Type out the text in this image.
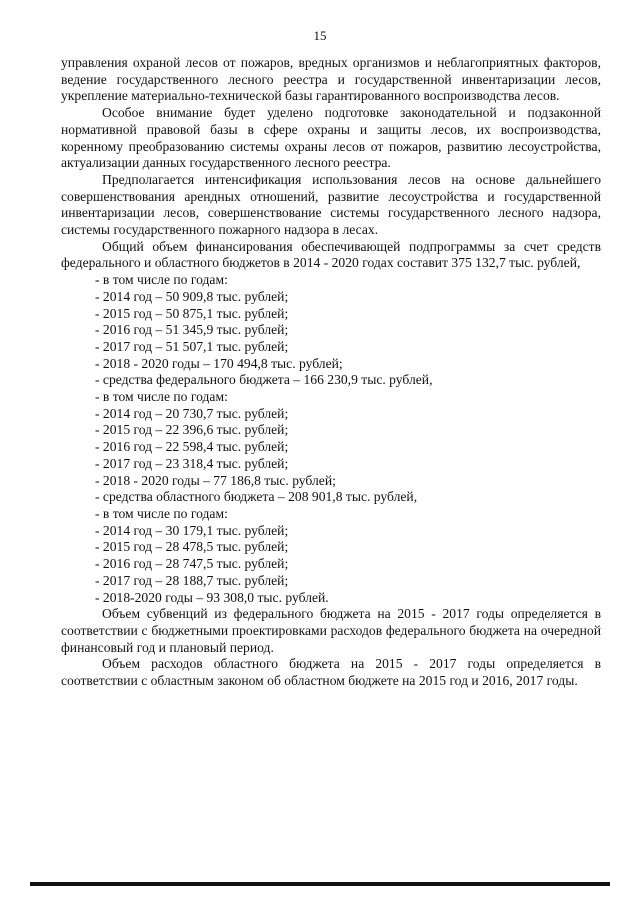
15

управления охраной лесов от пожаров, вредных организмов и неблагоприятных факторов, ведение государственного лесного реестра и государственной инвентаризации лесов, укрепление материально-технической базы гарантированного воспроизводства лесов.

Особое внимание будет уделено подготовке законодательной и подзаконной нормативной правовой базы в сфере охраны и защиты лесов, их воспроизводства, коренному преобразованию системы охраны лесов от пожаров, развитию лесоустройства, актуализации данных государственного лесного реестра.

Предполагается интенсификация использования лесов на основе дальнейшего совершенствования арендных отношений, развитие лесоустройства и государственной инвентаризации лесов, совершенствование системы государственного лесного надзора, системы государственного пожарного надзора в лесах.

Общий объем финансирования обеспечивающей подпрограммы за счет средств федерального и областного бюджетов в 2014 - 2020 годах составит 375 132,7 тыс. рублей,

- в том числе по годам:
- 2014 год – 50 909,8 тыс. рублей;
- 2015 год – 50 875,1 тыс. рублей;
- 2016 год – 51 345,9 тыс. рублей;
- 2017 год – 51 507,1 тыс. рублей;
- 2018 - 2020 годы – 170 494,8 тыс. рублей;
- средства федерального бюджета – 166 230,9 тыс. рублей,
- в том числе по годам:
- 2014 год – 20 730,7 тыс. рублей;
- 2015 год – 22 396,6 тыс. рублей;
- 2016 год – 22 598,4 тыс. рублей;
- 2017 год – 23 318,4 тыс. рублей;
- 2018 - 2020 годы – 77 186,8 тыс. рублей;
- средства областного бюджета – 208 901,8 тыс. рублей,
- в том числе по годам:
- 2014 год – 30 179,1 тыс. рублей;
- 2015 год – 28 478,5 тыс. рублей;
- 2016 год – 28 747,5 тыс. рублей;
- 2017 год – 28 188,7 тыс. рублей;
- 2018-2020 годы – 93 308,0 тыс. рублей.

Объем субвенций из федерального бюджета на 2015 - 2017 годы определяется в соответствии с бюджетными проектировками расходов федерального бюджета на очередной финансовый год и плановый период.

Объем расходов областного бюджета на 2015 - 2017 годы определяется в соответствии с областным законом об областном бюджете на 2015 год и 2016, 2017 годы.
